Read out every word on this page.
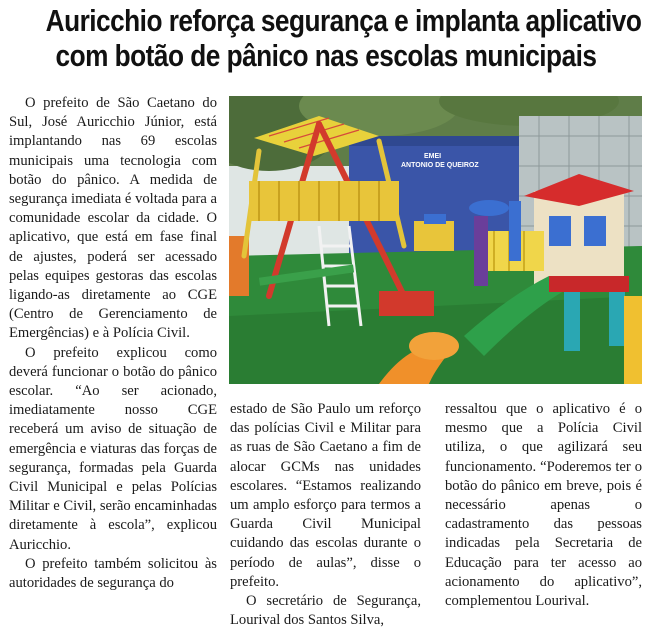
Auricchio reforça segurança e implanta aplicativo
com botão de pânico nas escolas municipais

O prefeito de São Caetano do Sul, José Auricchio Júnior, está implantando nas 69 escolas municipais uma tecnologia com botão do pânico. A medida de segurança imediata é voltada para a comunidade escolar da cidade. O aplicativo, que está em fase final de ajustes, poderá ser acessado pelas equipes gestoras das escolas ligando-as diretamente ao CGE (Centro de Gerenciamento de Emergências) e à Polícia Civil.

O prefeito explicou como deverá funcionar o botão do pânico escolar. “Ao ser acionado, imediatamente nosso CGE receberá um aviso de situação de emergência e viaturas das forças de segurança, formadas pela Guarda Civil Municipal e pelas Polícias Militar e Civil, serão encaminhadas diretamente à escola”, explicou Auricchio.

O prefeito também solicitou às autoridades de segurança do

EMEI
ANTONIO DE QUEIROZ

estado de São Paulo um reforço das polícias Civil e Militar para as ruas de São Caetano a fim de alocar GCMs nas unidades escolares. “Estamos realizando um amplo esforço para termos a Guarda Civil Municipal cuidando das escolas durante o período de aulas”, disse o prefeito.

O secretário de Segurança, Lourival dos Santos Silva,

ressaltou que o aplicativo é o mesmo que a Polícia Civil utiliza, o que agilizará seu funcionamento. “Poderemos ter o botão do pânico em breve, pois é necessário apenas o cadastramento das pessoas indicadas pela Secretaria de Educação para ter acesso ao acionamento do aplicativo”, complementou Lourival.
